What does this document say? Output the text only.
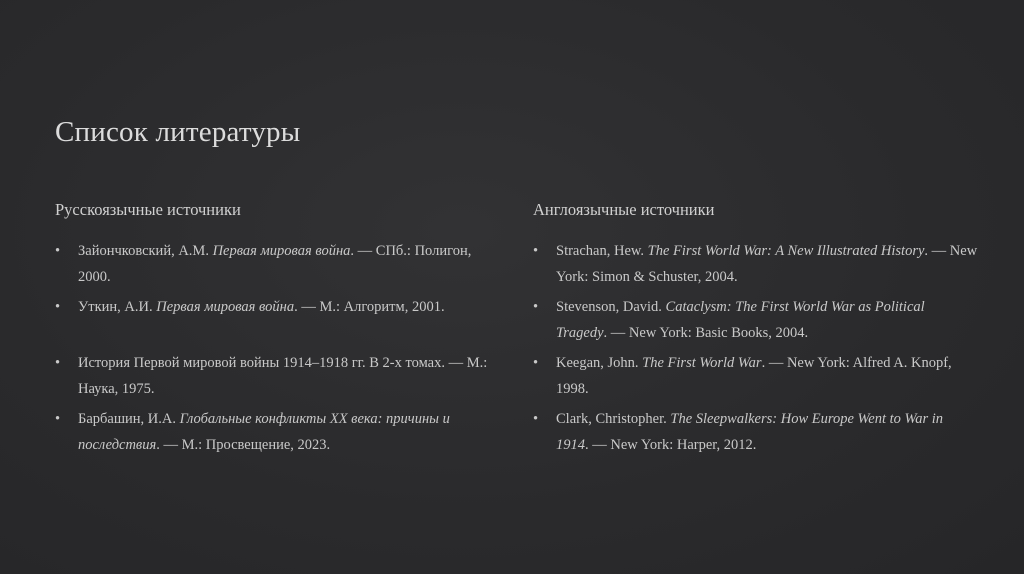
Список литературы
Русскоязычные источники
•	Зайончковский, А.М. Первая мировая война. — СПб.: Полигон, 2000.
•	Уткин, А.И. Первая мировая война. — М.: Алгоритм, 2001.
•	История Первой мировой войны 1914–1918 гг. В 2-х томах. — М.: Наука, 1975.
•	Барбашин, И.А. Глобальные конфликты XX века: причины и последствия. — М.: Просвещение, 2023.
Англоязычные источники
•	Strachan, Hew. The First World War: A New Illustrated History. — New York: Simon & Schuster, 2004.
•	Stevenson, David. Cataclysm: The First World War as Political Tragedy. — New York: Basic Books, 2004.
•	Keegan, John. The First World War. — New York: Alfred A. Knopf, 1998.
•	Clark, Christopher. The Sleepwalkers: How Europe Went to War in 1914. — New York: Harper, 2012.
